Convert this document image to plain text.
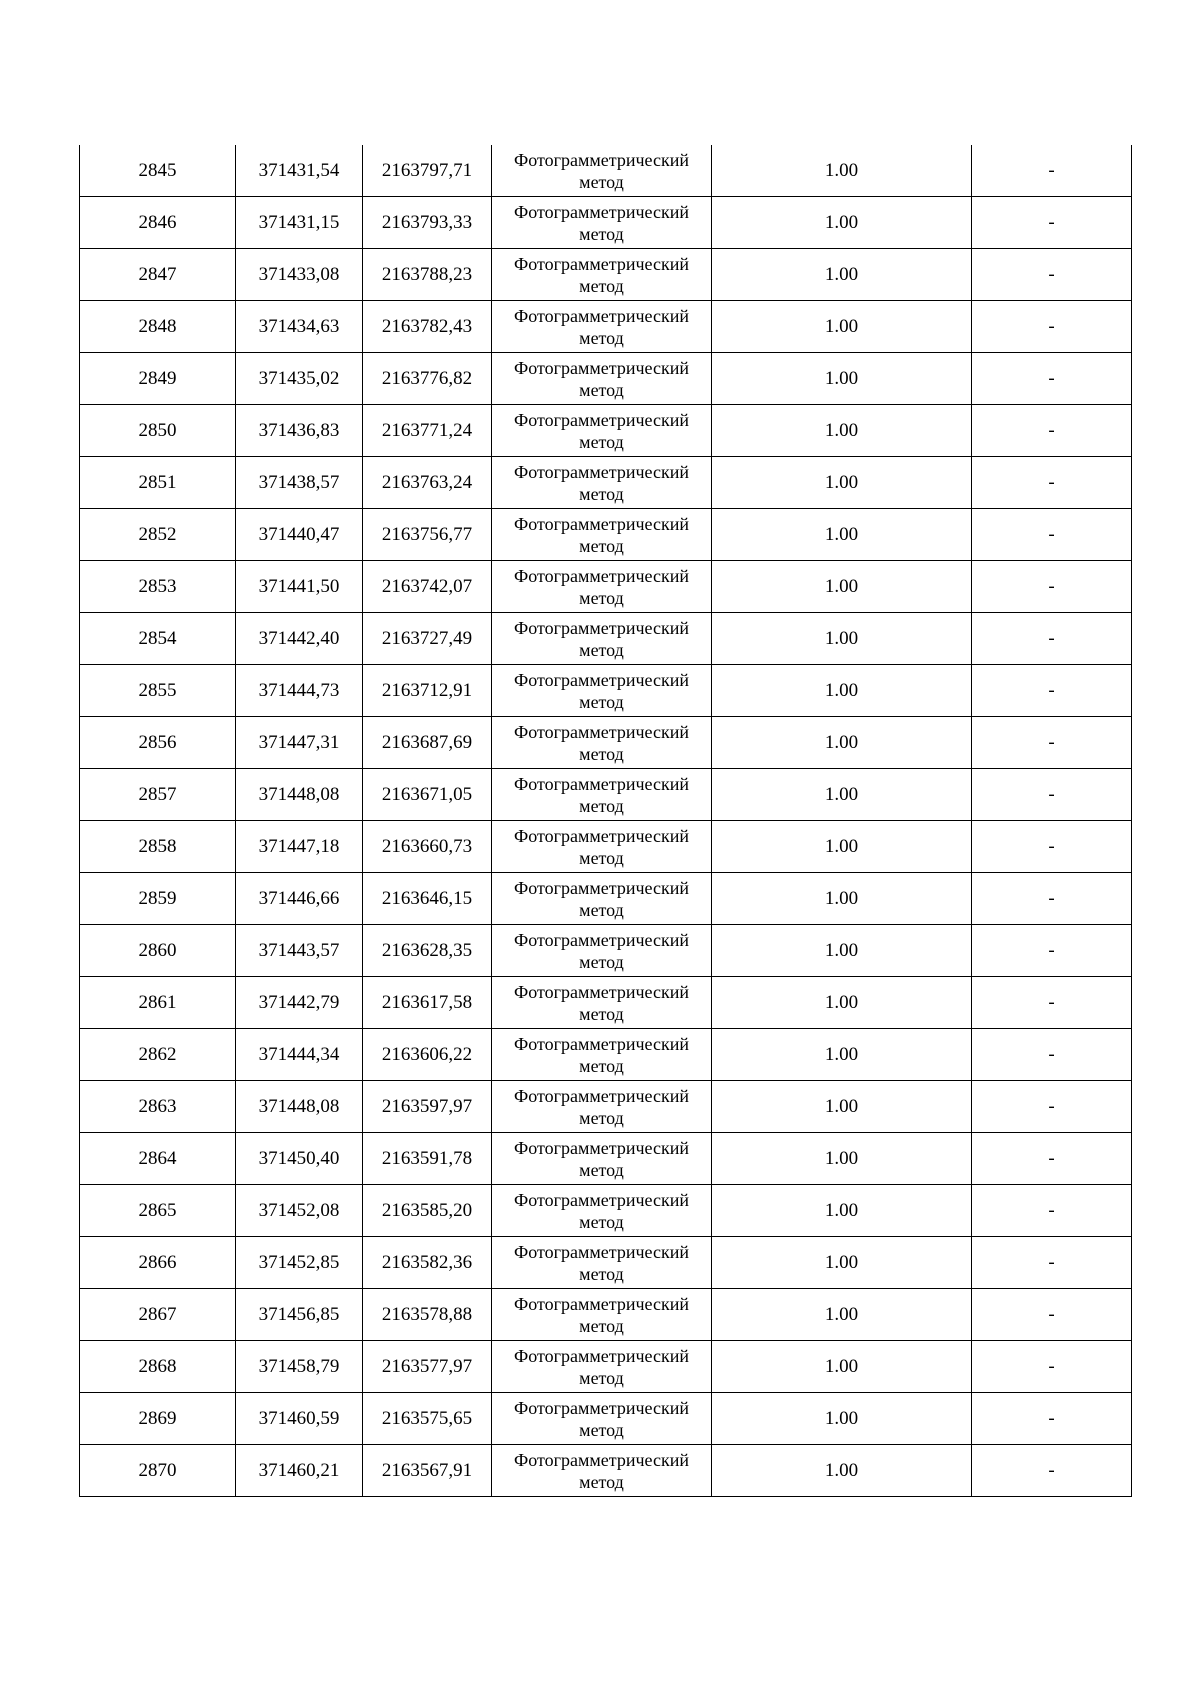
2845	371431,54	2163797,71	Фотограмметрический
метод	1.00	-
2846	371431,15	2163793,33	Фотограмметрический
метод	1.00	-
2847	371433,08	2163788,23	Фотограмметрический
метод	1.00	-
2848	371434,63	2163782,43	Фотограмметрический
метод	1.00	-
2849	371435,02	2163776,82	Фотограмметрический
метод	1.00	-
2850	371436,83	2163771,24	Фотограмметрический
метод	1.00	-
2851	371438,57	2163763,24	Фотограмметрический
метод	1.00	-
2852	371440,47	2163756,77	Фотограмметрический
метод	1.00	-
2853	371441,50	2163742,07	Фотограмметрический
метод	1.00	-
2854	371442,40	2163727,49	Фотограмметрический
метод	1.00	-
2855	371444,73	2163712,91	Фотограмметрический
метод	1.00	-
2856	371447,31	2163687,69	Фотограмметрический
метод	1.00	-
2857	371448,08	2163671,05	Фотограмметрический
метод	1.00	-
2858	371447,18	2163660,73	Фотограмметрический
метод	1.00	-
2859	371446,66	2163646,15	Фотограмметрический
метод	1.00	-
2860	371443,57	2163628,35	Фотограмметрический
метод	1.00	-
2861	371442,79	2163617,58	Фотограмметрический
метод	1.00	-
2862	371444,34	2163606,22	Фотограмметрический
метод	1.00	-
2863	371448,08	2163597,97	Фотограмметрический
метод	1.00	-
2864	371450,40	2163591,78	Фотограмметрический
метод	1.00	-
2865	371452,08	2163585,20	Фотограмметрический
метод	1.00	-
2866	371452,85	2163582,36	Фотограмметрический
метод	1.00	-
2867	371456,85	2163578,88	Фотограмметрический
метод	1.00	-
2868	371458,79	2163577,97	Фотограмметрический
метод	1.00	-
2869	371460,59	2163575,65	Фотограмметрический
метод	1.00	-
2870	371460,21	2163567,91	Фотограмметрический
метод	1.00	-
